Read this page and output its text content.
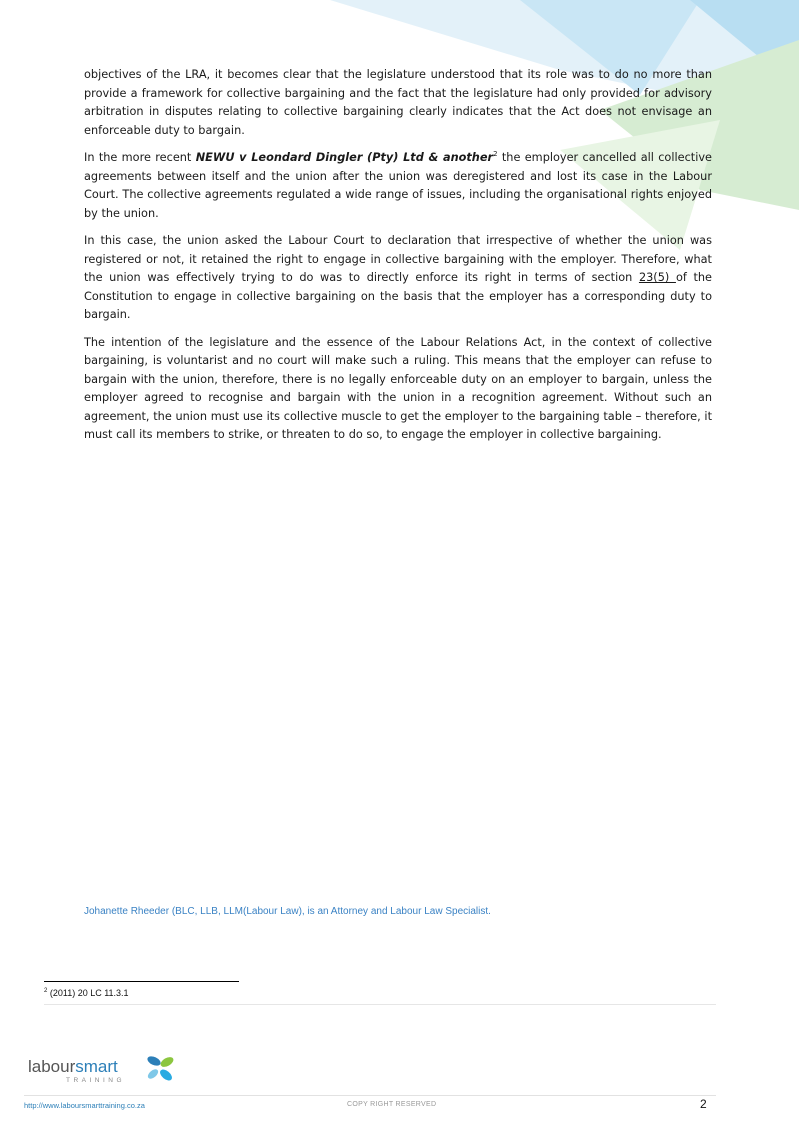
objectives of the LRA, it becomes clear that the legislature understood that its role was to do no more than provide a framework for collective bargaining and the fact that the legislature had only provided for advisory arbitration in disputes relating to collective bargaining clearly indicates that the Act does not envisage an enforceable duty to bargain.

In the more recent NEWU v Leondard Dingler (Pty) Ltd & another$^2$ the employer cancelled all collective agreements between itself and the union after the union was deregistered and lost its case in the Labour Court. The collective agreements regulated a wide range of issues, including the organisational rights enjoyed by the union.

In this case, the union asked the Labour Court to declaration that irrespective of whether the union was registered or not, it retained the right to engage in collective bargaining with the employer. Therefore, what the union was effectively trying to do was to directly enforce its right in terms of section 23(5) of the Constitution to engage in collective bargaining on the basis that the employer has a corresponding duty to bargain.

The intention of the legislature and the essence of the Labour Relations Act, in the context of collective bargaining, is voluntarist and no court will make such a ruling. This means that the employer can refuse to bargain with the union, therefore, there is no legally enforceable duty on an employer to bargain, unless the employer agreed to recognise and bargain with the union in a recognition agreement. Without such an agreement, the union must use its collective muscle to get the employer to the bargaining table – therefore, it must call its members to strike, or threaten to do so, to engage the employer in collective bargaining.

Johanette Rheeder (BLC, LLB, LLM(Labour Law), is an Attorney and Labour Law Specialist.
$^2$ (2011) 20 LC 11.3.1
laboursmart
TRAINING
http://www.laboursmarttraining.co.za	COPY RIGHT RESERVED	2
